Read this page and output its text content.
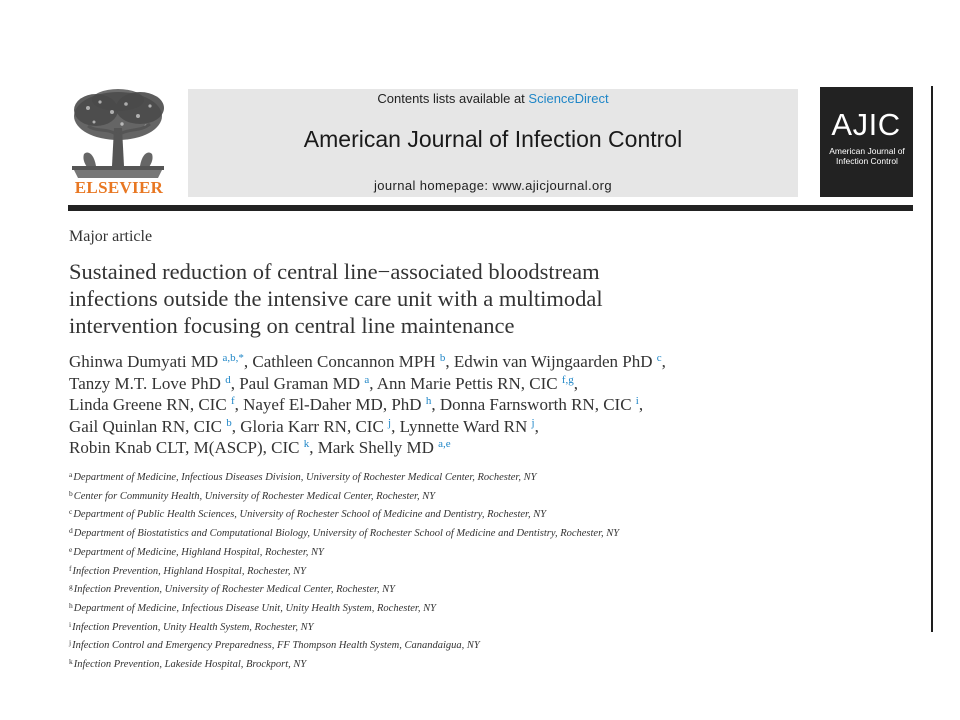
ELSEVIER
Contents lists available at ScienceDirect
American Journal of Infection Control
journal homepage: www.ajicjournal.org
AJIC
American Journal of
Infection Control
Major article
Sustained reduction of central line−associated bloodstream
infections outside the intensive care unit with a multimodal
intervention focusing on central line maintenance
Ghinwa Dumyati MD $^{a,b,*}$, Cathleen Concannon MPH $^b$, Edwin van Wijngaarden PhD $^c$,
Tanzy M.T. Love PhD $^d$, Paul Graman MD $^a$, Ann Marie Pettis RN, CIC $^{f,g}$,
Linda Greene RN, CIC $^f$, Nayef El-Daher MD, PhD $^h$, Donna Farnsworth RN, CIC $^i$,
Gail Quinlan RN, CIC $^b$, Gloria Karr RN, CIC $^j$, Lynnette Ward RN $^j$,
Robin Knab CLT, M(ASCP), CIC $^k$, Mark Shelly MD $^{a,e}$
$^a$Department of Medicine, Infectious Diseases Division, University of Rochester Medical Center, Rochester, NY
$^b$Center for Community Health, University of Rochester Medical Center, Rochester, NY
$^c$Department of Public Health Sciences, University of Rochester School of Medicine and Dentistry, Rochester, NY
$^d$Department of Biostatistics and Computational Biology, University of Rochester School of Medicine and Dentistry, Rochester, NY
$^e$Department of Medicine, Highland Hospital, Rochester, NY
$^f$Infection Prevention, Highland Hospital, Rochester, NY
$^g$Infection Prevention, University of Rochester Medical Center, Rochester, NY
$^h$Department of Medicine, Infectious Disease Unit, Unity Health System, Rochester, NY
$^i$Infection Prevention, Unity Health System, Rochester, NY
$^j$Infection Control and Emergency Preparedness, FF Thompson Health System, Canandaigua, NY
$^k$Infection Prevention, Lakeside Hospital, Brockport, NY
